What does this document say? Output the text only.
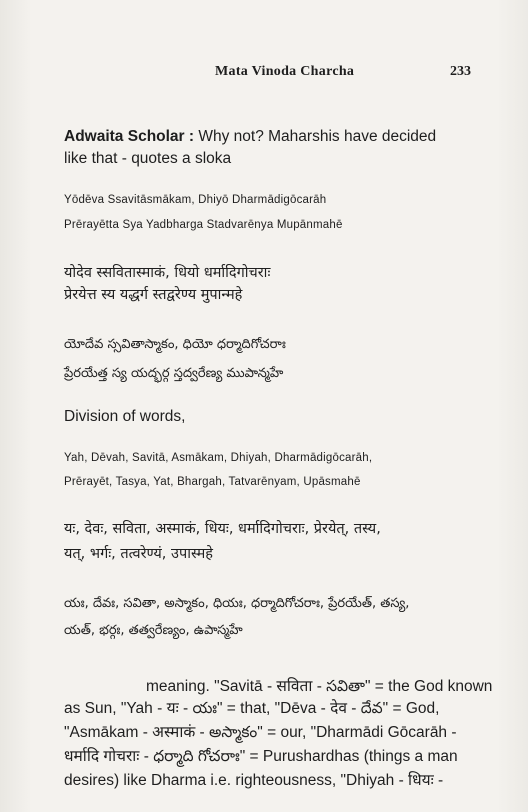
Mata Vinoda Charcha	233
Adwaita Scholar : Why not? Maharshis have decided
like that - quotes a sloka
Yōdēva Ssavitāsmākam, Dhiyō Dharmādigōcarāh
Prērayētta Sya Yadbharga Stadvarēnya Mupānmahē
योदेव स्सवितास्माकं, धियो धर्मादिगोचराः
प्रेरयेत्त स्य यद्धर्ग स्तद्वरेण्य मुपान्महे
యోదేవ స్సవితాస్మాకం, ధియో ధర్మాదిగోచరాః
ప్రేరయేత్త స్య యద్భర్గ స్తద్వరేణ్య ముపాన్మహే
Division of words,
Yah, Dēvah, Savitā, Asmākam, Dhiyah, Dharmādigōcarāh,
Prērayēt, Tasya, Yat, Bhargah, Tatvarēnyam, Upāsmahē
यः, देवः, सविता, अस्माकं, धियः, धर्मादिगोचराः, प्रेरयेत्, तस्य,
यत्, भर्गः, तत्वरेण्यं, उपास्महे
యః, దేవః, సవితా, అస్మాకం, ధియః, ధర్మాదిగోచరాః, ప్రేరయేత్, తస్య,
యత్, భర్గః, తత్వరేణ్యం, ఉపాస్మహే
meaning. "Savitā - सविता - సవితా" = the God known
as Sun, "Yah - यः - యః" = that, "Dēva - देव - దేవ" = God,
"Asmākam - अस्माकं - అస్మాకం" = our, "Dharmādi Gōcarāh -
धर्मादि गोचराः - ధర్మాది గోచరాః" = Purushardhas (things a man
desires) like Dharma i.e. righteousness, "Dhiyah - धियः -
